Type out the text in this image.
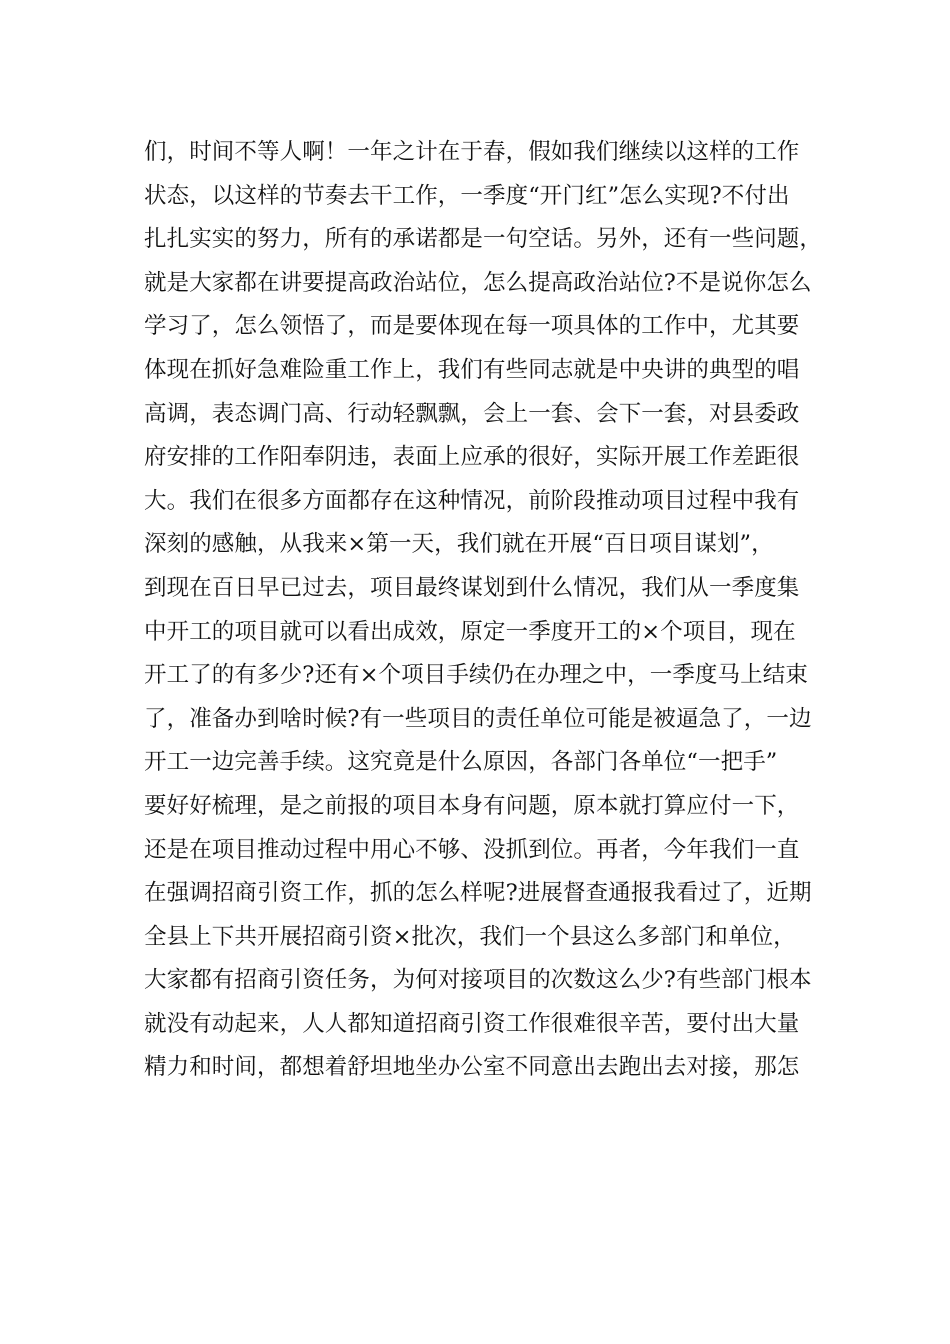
们，时间不等人啊！一年之计在于春，假如我们继续以这样的工作
状态，以这样的节奏去干工作，一季度“开门红”怎么实现?不付出
扎扎实实的努力，所有的承诺都是一句空话。另外，还有一些问题，
就是大家都在讲要提高政治站位，怎么提高政治站位?不是说你怎么
学习了，怎么领悟了，而是要体现在每一项具体的工作中，尤其要
体现在抓好急难险重工作上，我们有些同志就是中央讲的典型的唱
高调，表态调门高、行动轻飘飘，会上一套、会下一套，对县委政
府安排的工作阳奉阴违，表面上应承的很好，实际开展工作差距很
大。我们在很多方面都存在这种情况，前阶段推动项目过程中我有
深刻的感触，从我来×第一天，我们就在开展“百日项目谋划”，
到现在百日早已过去，项目最终谋划到什么情况，我们从一季度集
中开工的项目就可以看出成效，原定一季度开工的×个项目，现在
开工了的有多少?还有×个项目手续仍在办理之中，一季度马上结束
了，准备办到啥时候?有一些项目的责任单位可能是被逼急了，一边
开工一边完善手续。这究竟是什么原因，各部门各单位“一把手”
要好好梳理，是之前报的项目本身有问题，原本就打算应付一下，
还是在项目推动过程中用心不够、没抓到位。再者，今年我们一直
在强调招商引资工作，抓的怎么样呢?进展督查通报我看过了，近期
全县上下共开展招商引资×批次，我们一个县这么多部门和单位，
大家都有招商引资任务，为何对接项目的次数这么少?有些部门根本
就没有动起来，人人都知道招商引资工作很难很辛苦，要付出大量
精力和时间，都想着舒坦地坐办公室不同意出去跑出去对接，那怎
